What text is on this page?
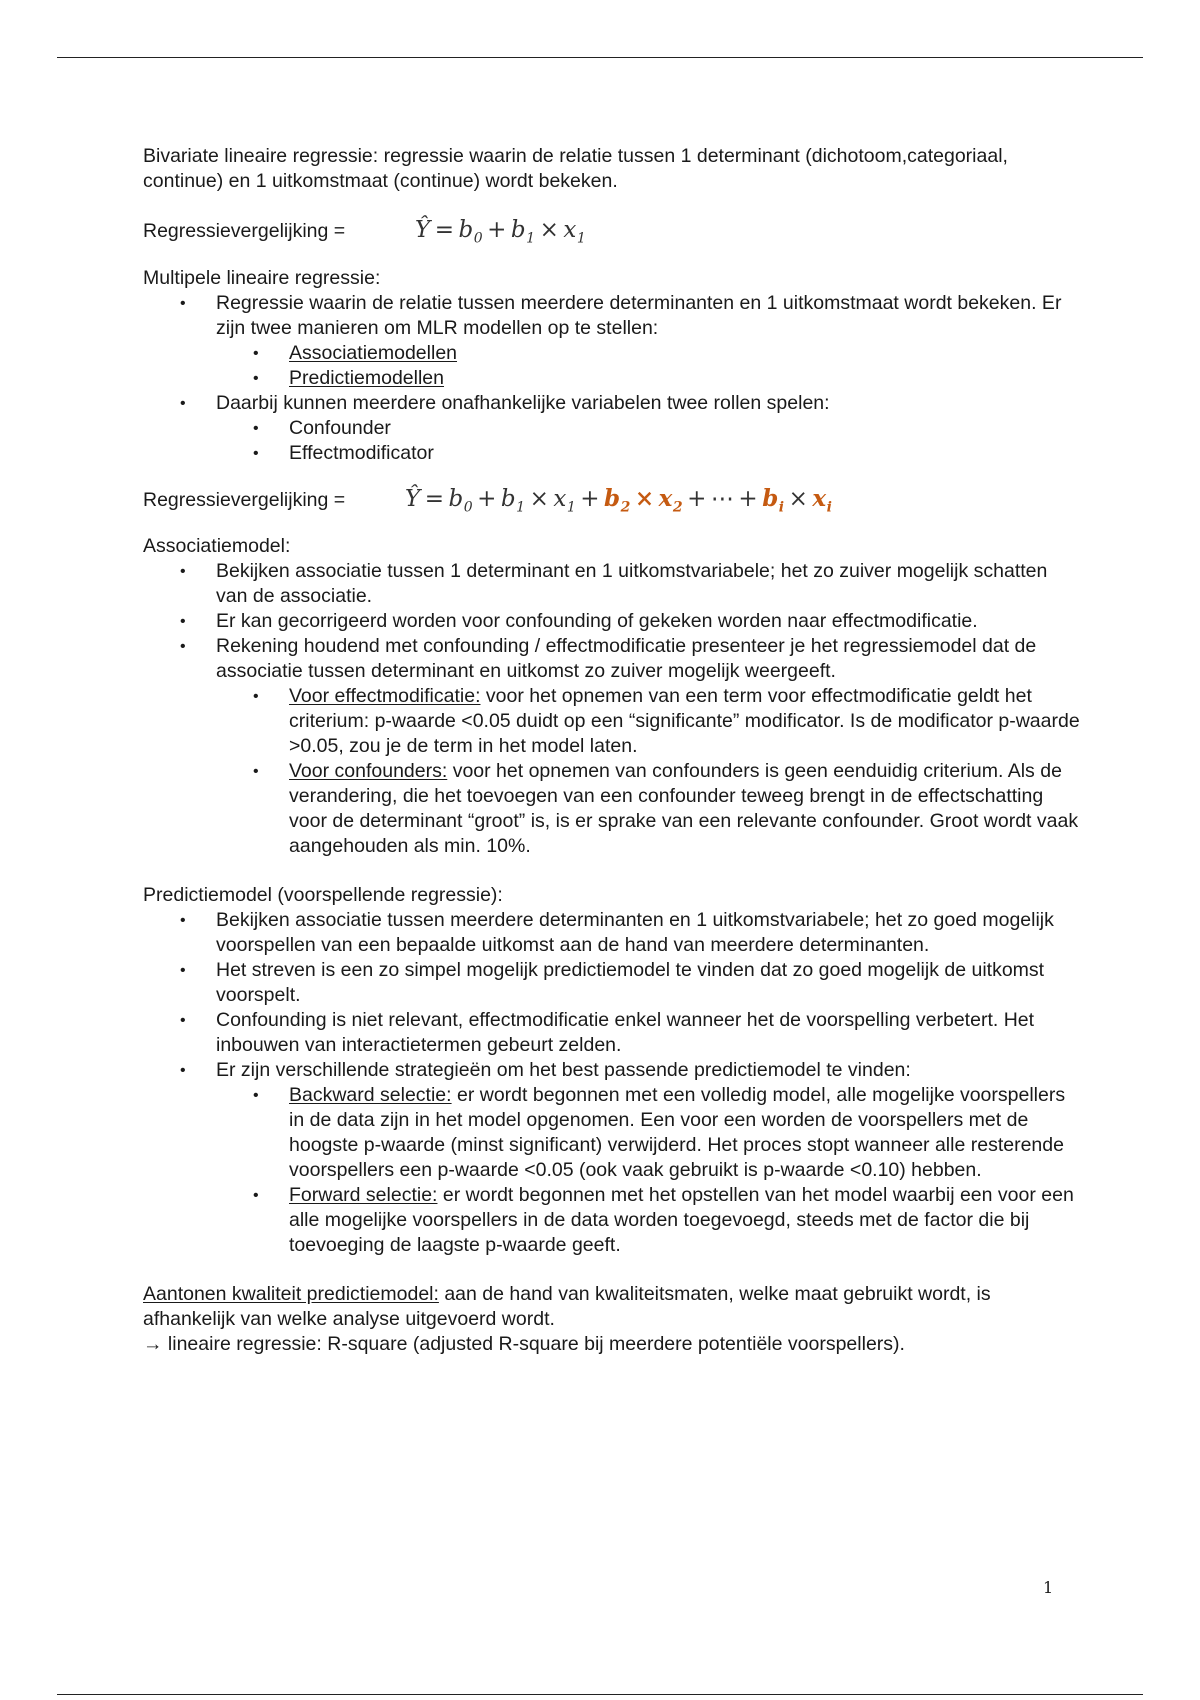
Bivariate lineaire regressie: regressie waarin de relatie tussen 1 determinant (dichotoom,categoriaal, continue) en 1 uitkomstmaat (continue) wordt bekeken.

Regressievergelijking =	Ŷ = $b_0 + b_1 \times x_1$

Multipele lineaire regressie:

• Regressie waarin de relatie tussen meerdere determinanten en 1 uitkomstmaat wordt bekeken. Er zijn twee manieren om MLR modellen op te stellen:
• Associatiemodellen
• Predictiemodellen
• Daarbij kunnen meerdere onafhankelijke variabelen twee rollen spelen:
• Confounder
• Effectmodificator
Regressievergelijking =	Ŷ = $b_0 + b_1 \times x_1 + b_2 \times x_2$ + ⋯ + $b_i \times x_i$

Associatiemodel:

• Bekijken associatie tussen 1 determinant en 1 uitkomstvariabele; het zo zuiver mogelijk schatten van de associatie.
• Er kan gecorrigeerd worden voor confounding of gekeken worden naar effectmodificatie.
• Rekening houdend met confounding / effectmodificatie presenteer je het regressiemodel dat de associatie tussen determinant en uitkomst zo zuiver mogelijk weergeeft.
• Voor effectmodificatie: voor het opnemen van een term voor effectmodificatie geldt het criterium: p-waarde <0.05 duidt op een “significante” modificator. Is de modificator p-waarde >0.05, zou je de term in het model laten.
• Voor confounders: voor het opnemen van confounders is geen eenduidig criterium. Als de verandering, die het toevoegen van een confounder teweeg brengt in de effectschatting voor de determinant “groot” is, is er sprake van een relevante confounder. Groot wordt vaak aangehouden als min. 10%.

Predictiemodel (voorspellende regressie):

• Bekijken associatie tussen meerdere determinanten en 1 uitkomstvariabele; het zo goed mogelijk voorspellen van een bepaalde uitkomst aan de hand van meerdere determinanten.
• Het streven is een zo simpel mogelijk predictiemodel te vinden dat zo goed mogelijk de uitkomst voorspelt.
• Confounding is niet relevant, effectmodificatie enkel wanneer het de voorspelling verbetert. Het inbouwen van interactietermen gebeurt zelden.
• Er zijn verschillende strategieën om het best passende predictiemodel te vinden:
• Backward selectie: er wordt begonnen met een volledig model, alle mogelijke voorspellers in de data zijn in het model opgenomen. Een voor een worden de voorspellers met de hoogste p-waarde (minst significant) verwijderd. Het proces stopt wanneer alle resterende voorspellers een p-waarde <0.05 (ook vaak gebruikt is p-waarde <0.10) hebben.
• Forward selectie: er wordt begonnen met het opstellen van het model waarbij een voor een alle mogelijke voorspellers in de data worden toegevoegd, steeds met de factor die bij toevoeging de laagste p-waarde geeft.

Aantonen kwaliteit predictiemodel: aan de hand van kwaliteitsmaten, welke maat gebruikt wordt, is afhankelijk van welke analyse uitgevoerd wordt.

→ lineaire regressie: R-square (adjusted R-square bij meerdere potentiële voorspellers).

1
